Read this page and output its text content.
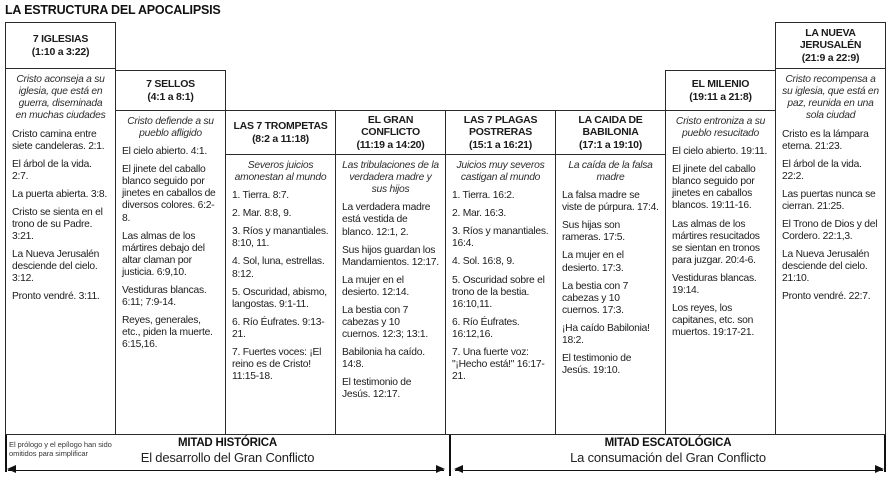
LA ESTRUCTURA DEL APOCALIPSIS
7 IGLESIAS
(1:10 a 3:22)

Cristo aconseja a su iglesia, que está en guerra, diseminada en muchas ciudades

Cristo camina entre siete candeleras. 2:1.

El árbol de la vida. 2:7.

La puerta abierta. 3:8.

Cristo se sienta en el trono de su Padre. 3:21.

La Nueva Jerusalén desciende del cielo. 3:12.

Pronto vendré. 3:11.

7 SELLOS
(4:1 a 8:1)

Cristo defiende a su pueblo afligido

El cielo abierto. 4:1.

El jinete del caballo blanco seguido por jinetes en caballos de diversos colores. 6:2-8.

Las almas de los mártires debajo del altar claman por justicia. 6:9,10.

Vestiduras blancas. 6:11; 7:9-14.

Reyes, generales, etc., piden la muerte. 6:15,16.

LAS 7 TROMPETAS
(8:2 a 11:18)

Severos juicios amonestan al mundo

1. Tierra. 8:7.

2. Mar. 8:8, 9.

3. Ríos y manantiales. 8:10, 11.

4. Sol, luna, estrellas. 8:12.

5. Oscuridad, abismo, langostas. 9:1-11.

6. Río Éufrates. 9:13-21.

7. Fuertes voces: ¡El reino es de Cristo! 11:15-18.

EL GRAN CONFLICTO
(11:19 a 14:20)

Las tribulaciones de la verdadera madre y sus hijos

La verdadera madre está vestida de blanco. 12:1, 2.

Sus hijos guardan los Mandamientos. 12:17.

La mujer en el desierto. 12:14.

La bestia con 7 cabezas y 10 cuernos. 12:3; 13:1.

Babilonia ha caído. 14:8.

El testimonio de Jesús. 12:17.

LAS 7 PLAGAS POSTRERAS
(15:1 a 16:21)

Juicios muy severos castigan al mundo

1. Tierra. 16:2.

2. Mar. 16:3.

3. Ríos y manantiales. 16:4.

4. Sol. 16:8, 9.

5. Oscuridad sobre el trono de la bestia. 16:10,11.

6. Río Éufrates. 16:12,16.

7. Una fuerte voz: "¡Hecho está!" 16:17-21.

LA CAIDA DE BABILONIA
(17:1 a 19:10)

La caída de la falsa madre

La falsa madre se viste de púrpura. 17:4.

Sus hijas son rameras. 17:5.

La mujer en el desierto. 17:3.

La bestia con 7 cabezas y 10 cuernos. 17:3.

¡Ha caído Babilonia! 18:2.

El testimonio de Jesús. 19:10.

EL MILENIO
(19:11 a 21:8)

Cristo entroniza a su pueblo resucitado

El cielo abierto. 19:11.

El jinete del caballo blanco seguido por jinetes en caballos blancos. 19:11-16.

Las almas de los mártires resucitados se sientan en tronos para juzgar. 20:4-6.

Vestiduras blancas. 19:14.

Los reyes, los capitanes, etc. son muertos. 19:17-21.

LA NUEVA JERUSALÉN
(21:9 a 22:9)

Cristo recompensa a su iglesia, que está en paz, reunida en una sola ciudad

Cristo es la lámpara eterna. 21:23.

El árbol de la vida. 22:2.

Las puertas nunca se cierran. 21:25.

El Trono de Dios y del Cordero. 22:1,3.

La Nueva Jerusalén desciende del cielo. 21:10.

Pronto vendré. 22:7.

El prólogo y el epílogo han sido omitidos para simplificar
MITAD HISTÓRICA
El desarrollo del Gran Conflicto
MITAD ESCATOLÓGICA
La consumación del Gran Conflicto
